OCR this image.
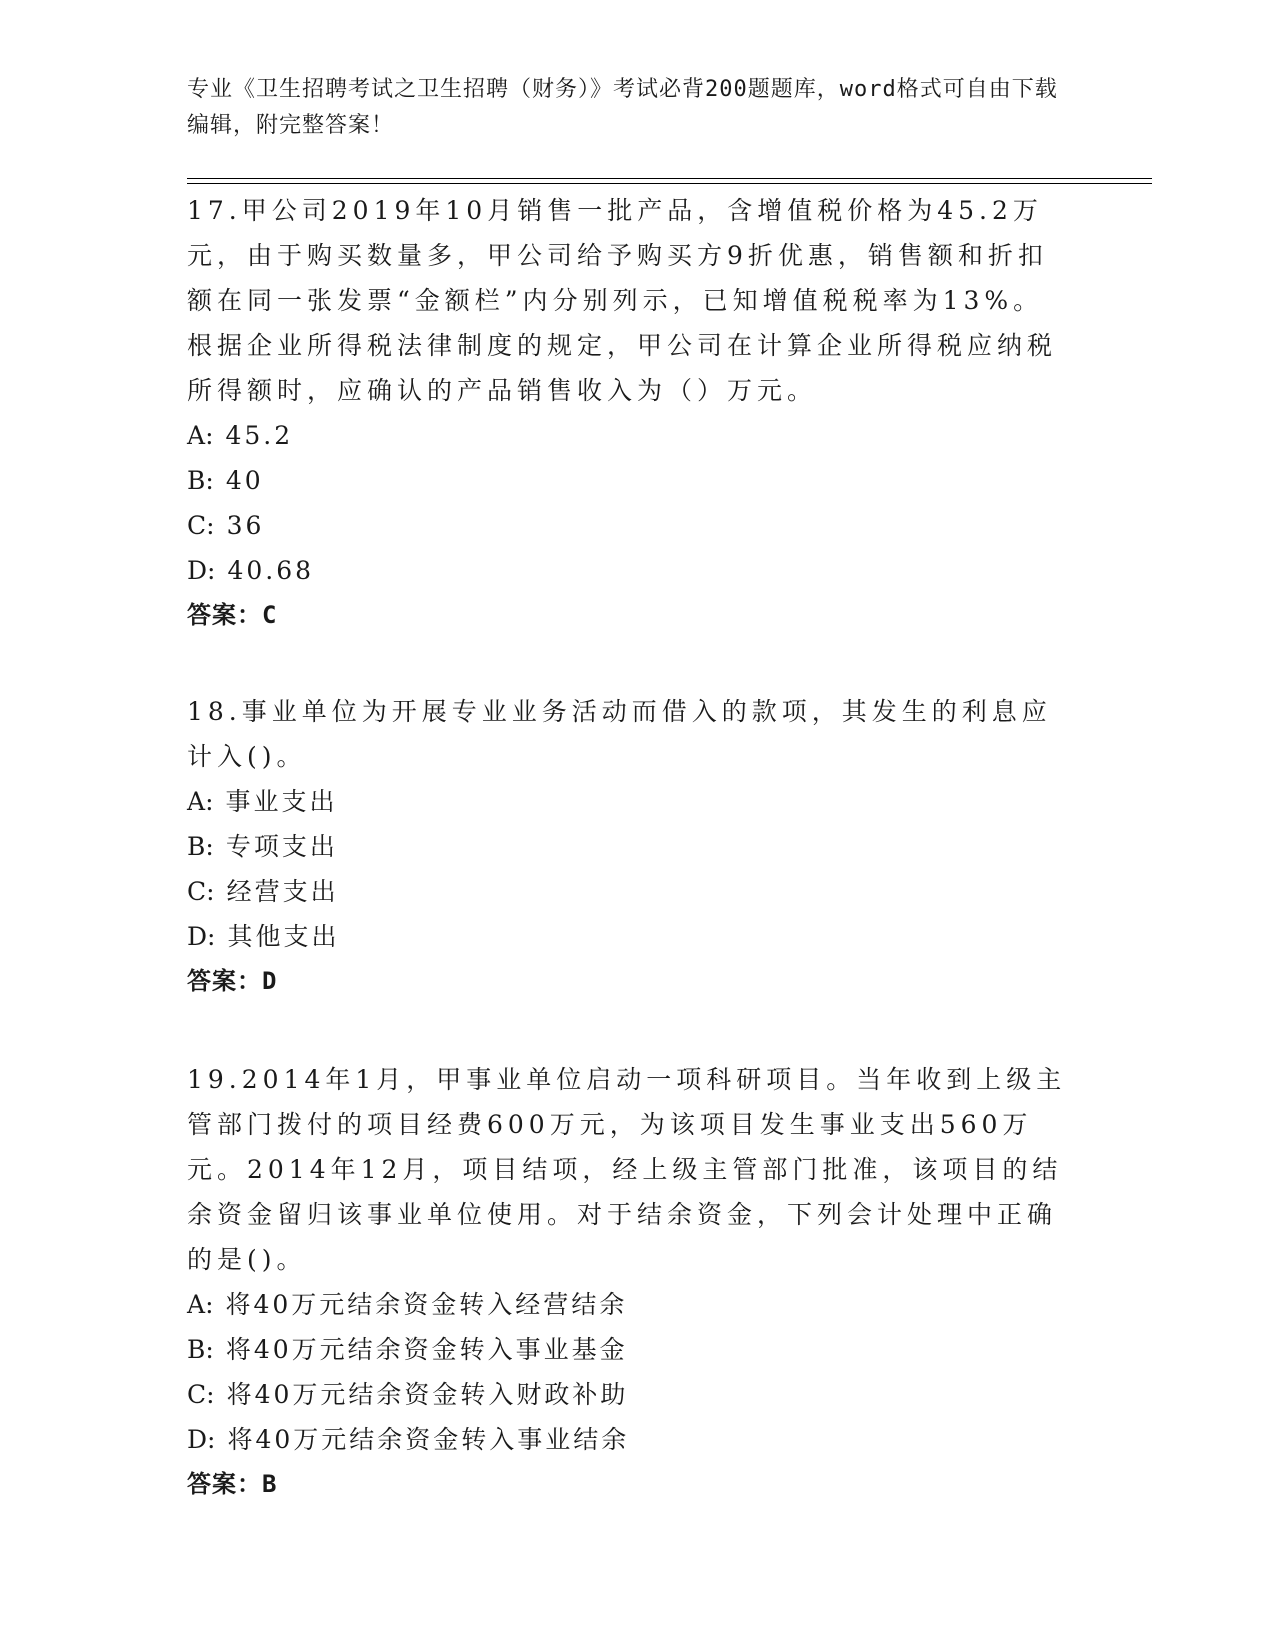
专业《卫生招聘考试之卫生招聘（财务）》考试必背200题题库，word格式可自由下载编辑，附完整答案！

17.甲公司2019年10月销售一批产品，含增值税价格为45.2万元，由于购买数量多，甲公司给予购买方9折优惠，销售额和折扣额在同一张发票“金额栏”内分别列示，已知增值税税率为13%。根据企业所得税法律制度的规定，甲公司在计算企业所得税应纳税所得额时，应确认的产品销售收入为（）万元。

A: 45.2

B: 40

C: 36

D: 40.68

答案：C

18.事业单位为开展专业业务活动而借入的款项，其发生的利息应计入()。

A: 事业支出

B: 专项支出

C: 经营支出

D: 其他支出

答案：D

19.2014年1月，甲事业单位启动一项科研项目。当年收到上级主管部门拨付的项目经费600万元，为该项目发生事业支出560万元。2014年12月，项目结项，经上级主管部门批准，该项目的结余资金留归该事业单位使用。对于结余资金，下列会计处理中正确的是()。

A: 将40万元结余资金转入经营结余

B: 将40万元结余资金转入事业基金

C: 将40万元结余资金转入财政补助

D: 将40万元结余资金转入事业结余

答案：B
